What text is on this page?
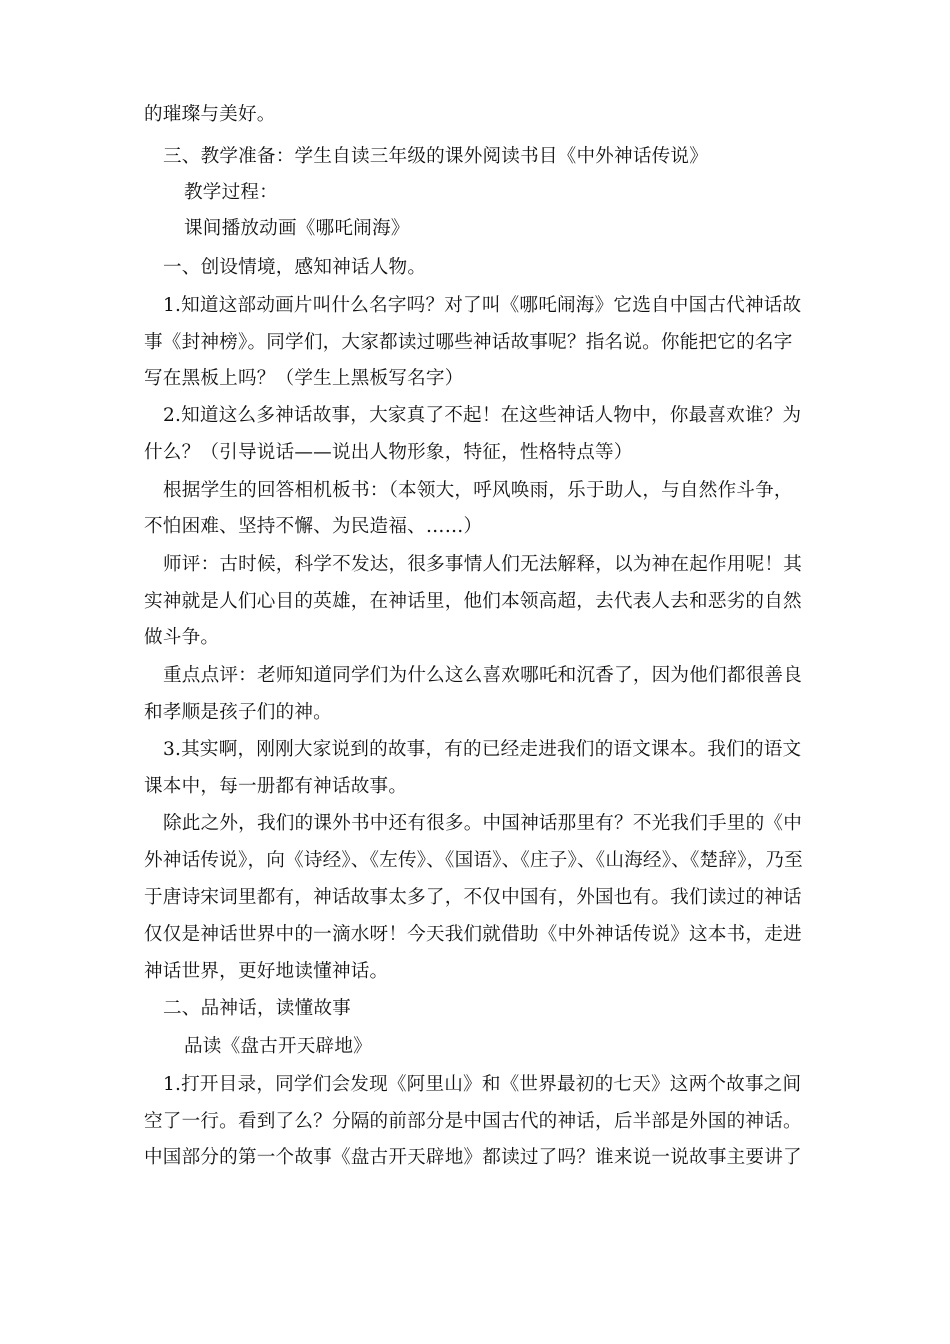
的璀璨与美好。
三、教学准备：学生自读三年级的课外阅读书目《中外神话传说》
教学过程：
课间播放动画《哪吒闹海》
一、创设情境，感知神话人物。
1.知道这部动画片叫什么名字吗？对了叫《哪吒闹海》它选自中国古代神话故
事《封神榜》。同学们，大家都读过哪些神话故事呢？指名说。你能把它的名字
写在黑板上吗？（学生上黑板写名字）
2.知道这么多神话故事，大家真了不起！在这些神话人物中，你最喜欢谁？为
什么？（引导说话——说出人物形象，特征，性格特点等）
根据学生的回答相机板书：（本领大，呼风唤雨，乐于助人，与自然作斗争，
不怕困难、坚持不懈、为民造福、……）
师评：古时候，科学不发达，很多事情人们无法解释，以为神在起作用呢！其
实神就是人们心目的英雄，在神话里，他们本领高超，去代表人去和恶劣的自然
做斗争。
重点点评：老师知道同学们为什么这么喜欢哪吒和沉香了，因为他们都很善良
和孝顺是孩子们的神。
3.其实啊，刚刚大家说到的故事，有的已经走进我们的语文课本。我们的语文
课本中，每一册都有神话故事。
除此之外，我们的课外书中还有很多。中国神话那里有？不光我们手里的《中
外神话传说》，向《诗经》、《左传》、《国语》、《庄子》、《山海经》、《楚辞》，乃至
于唐诗宋词里都有，神话故事太多了，不仅中国有，外国也有。我们读过的神话
仅仅是神话世界中的一滴水呀！今天我们就借助《中外神话传说》这本书，走进
神话世界，更好地读懂神话。
二、品神话，读懂故事
品读《盘古开天辟地》
1.打开目录，同学们会发现《阿里山》和《世界最初的七天》这两个故事之间
空了一行。看到了么？分隔的前部分是中国古代的神话，后半部是外国的神话。
中国部分的第一个故事《盘古开天辟地》都读过了吗？谁来说一说故事主要讲了
